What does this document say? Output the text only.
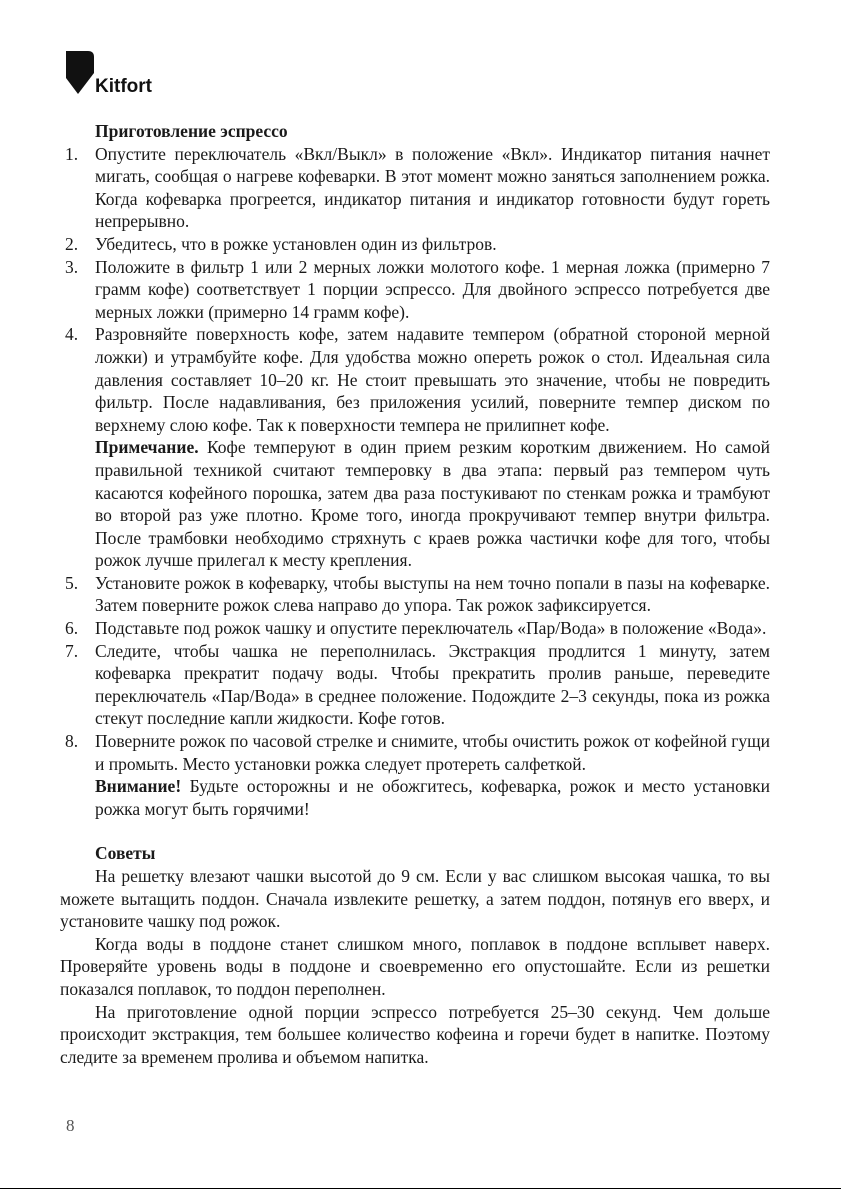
Kitfort
Приготовление эспрессо
1. Опустите переключатель «Вкл/Выкл» в положение «Вкл». Индикатор питания начнет мигать, сообщая о нагреве кофеварки. В этот момент можно заняться заполнением рожка. Когда кофеварка прогреется, индикатор питания и индикатор готовности будут гореть непрерывно.
2. Убедитесь, что в рожке установлен один из фильтров.
3. Положите в фильтр 1 или 2 мерных ложки молотого кофе. 1 мерная ложка (примерно 7 грамм кофе) соответствует 1 порции эспрессо. Для двойного эспрессо потребуется две мерных ложки (примерно 14 грамм кофе).
4. Разровняйте поверхность кофе, затем надавите темпером (обратной стороной мерной ложки) и утрамбуйте кофе. Для удобства можно опереть рожок о стол. Идеальная сила давления составляет 10–20 кг. Не стоит превышать это значение, чтобы не повредить фильтр. После надавливания, без приложения усилий, поверните темпер диском по верхнему слою кофе. Так к поверхности темпера не прилипнет кофе.
Примечание. Кофе темперуют в один прием резким коротким движением. Но самой правильной техникой считают темперовку в два этапа: первый раз темпером чуть касаются кофейного порошка, затем два раза постукивают по стенкам рожка и трамбуют во второй раз уже плотно. Кроме того, иногда прокручивают темпер внутри фильтра. После трамбовки необходимо стряхнуть с краев рожка частички кофе для того, чтобы рожок лучше прилегал к месту крепления.
5. Установите рожок в кофеварку, чтобы выступы на нем точно попали в пазы на кофеварке. Затем поверните рожок слева направо до упора. Так рожок зафиксируется.
6. Подставьте под рожок чашку и опустите переключатель «Пар/Вода» в положение «Вода».
7. Следите, чтобы чашка не переполнилась. Экстракция продлится 1 минуту, затем кофеварка прекратит подачу воды. Чтобы прекратить пролив раньше, переведите переключатель «Пар/Вода» в среднее положение. Подождите 2–3 секунды, пока из рожка стекут последние капли жидкости. Кофе готов.
8. Поверните рожок по часовой стрелке и снимите, чтобы очистить рожок от кофейной гущи и промыть. Место установки рожка следует протереть салфеткой.
Внимание! Будьте осторожны и не обожгитесь, кофеварка, рожок и место установки рожка могут быть горячими!
Советы

На решетку влезают чашки высотой до 9 см. Если у вас слишком высокая чашка, то вы можете вытащить поддон. Сначала извлеките решетку, а затем поддон, потянув его вверх, и установите чашку под рожок.

Когда воды в поддоне станет слишком много, поплавок в поддоне всплывет наверх. Проверяйте уровень воды в поддоне и своевременно его опустошайте. Если из решетки показался поплавок, то поддон переполнен.

На приготовление одной порции эспрессо потребуется 25–30 секунд. Чем дольше происходит экстракция, тем большее количество кофеина и горечи будет в напитке. Поэтому следите за временем пролива и объемом напитка.

8
